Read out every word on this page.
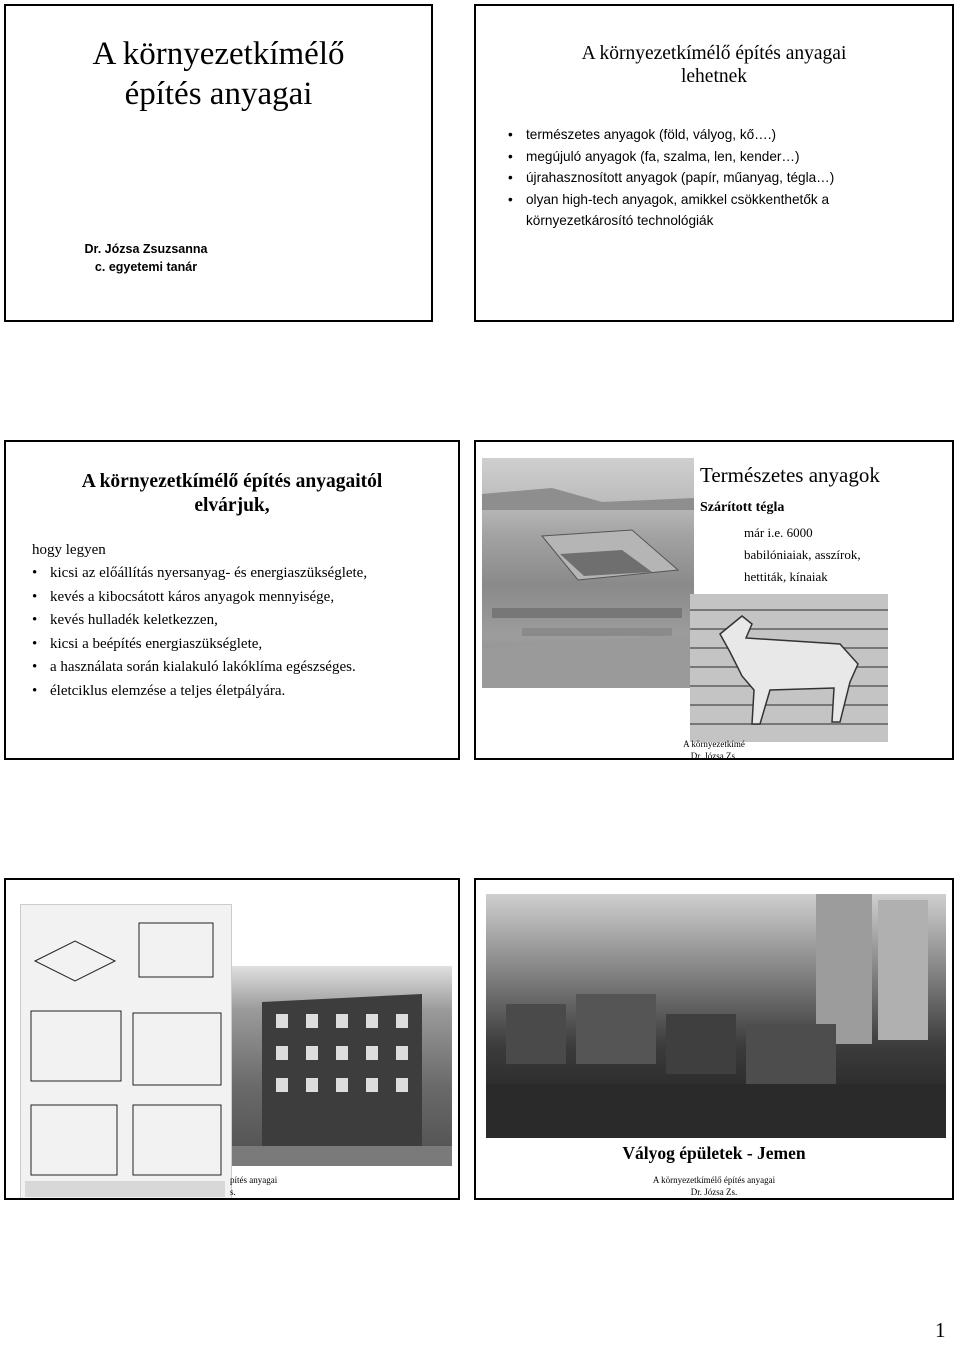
A környezetkímélő
építés anyagai
Dr. Józsa Zsuzsanna
c. egyetemi tanár
A környezetkímélő építés anyagai
lehetnek
• természetes anyagok (föld, vályog, kő….)
• megújuló anyagok (fa, szalma, len, kender…)
• újrahasznosított anyagok (papír, műanyag, tégla…)
• olyan high-tech anyagok, amikkel csökkenthetők a környezetkárosító technológiák
A környezetkímélő építés anyagaitól
elvárjuk,
hogy legyen
• kicsi az előállítás nyersanyag- és energiaszükséglete,
• kevés a kibocsátott káros anyagok mennyisége,
• kevés hulladék keletkezzen,
• kicsi a beépítés energiaszükséglete,
• a használata során kialakuló lakóklíma egészséges.
• életciklus elemzése a teljes életpályára.
Természetes anyagok
Szárított tégla
már i.e. 6000
babilóniaiak, asszírok,
hettiták, kínaiak
A környezetkímé
Dr. Józsa Zs.
pítés anyagai
s.
Vályog épületek - Jemen
A környezetkímélő építés anyagai
Dr. Józsa Zs.
1
